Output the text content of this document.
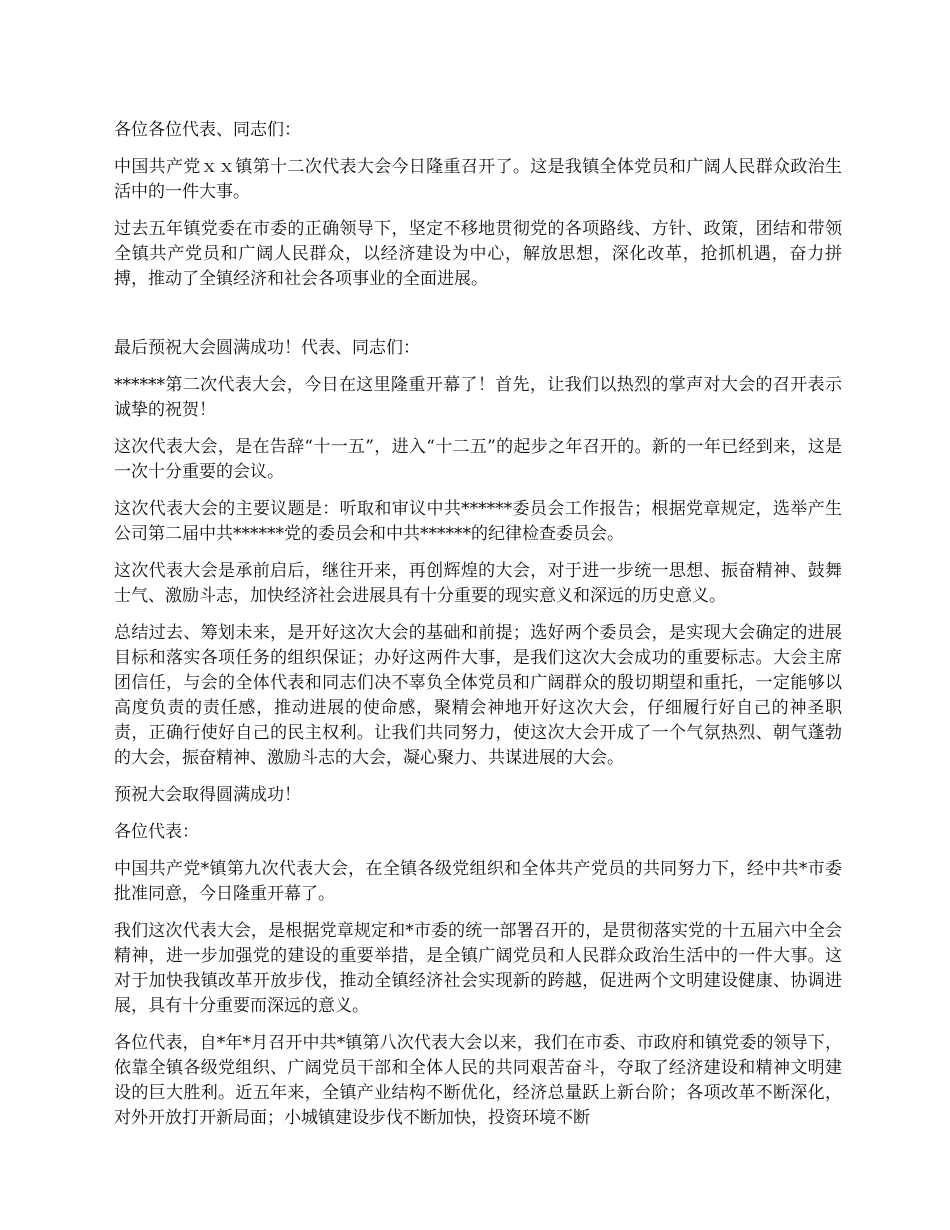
各位各位代表、同志们：

中国共产党ｘｘ镇第十二次代表大会今日隆重召开了。这是我镇全体党员和广阔人民群众政治生活中的一件大事。

过去五年镇党委在市委的正确领导下，坚定不移地贯彻党的各项路线、方针、政策，团结和带领全镇共产党员和广阔人民群众，以经济建设为中心，解放思想，深化改革，抢抓机遇，奋力拼搏，推动了全镇经济和社会各项事业的全面进展。

最后预祝大会圆满成功！代表、同志们：

******第二次代表大会，今日在这里隆重开幕了！首先，让我们以热烈的掌声对大会的召开表示诚挚的祝贺！

这次代表大会，是在告辞“十一五”，进入“十二五”的起步之年召开的。新的一年已经到来，这是一次十分重要的会议。

这次代表大会的主要议题是：听取和审议中共******委员会工作报告；根据党章规定，选举产生公司第二届中共******党的委员会和中共******的纪律检查委员会。

这次代表大会是承前启后，继往开来，再创辉煌的大会，对于进一步统一思想、振奋精神、鼓舞士气、激励斗志，加快经济社会进展具有十分重要的现实意义和深远的历史意义。

总结过去、筹划未来，是开好这次大会的基础和前提；选好两个委员会，是实现大会确定的进展目标和落实各项任务的组织保证；办好这两件大事，是我们这次大会成功的重要标志。大会主席团信任，与会的全体代表和同志们决不辜负全体党员和广阔群众的殷切期望和重托，一定能够以高度负责的责任感，推动进展的使命感，聚精会神地开好这次大会，仔细履行好自己的神圣职责，正确行使好自己的民主权利。让我们共同努力，使这次大会开成了一个气氛热烈、朝气蓬勃的大会，振奋精神、激励斗志的大会，凝心聚力、共谋进展的大会。

预祝大会取得圆满成功！

各位代表：

中国共产党*镇第九次代表大会，在全镇各级党组织和全体共产党员的共同努力下，经中共*市委批准同意，今日隆重开幕了。

我们这次代表大会，是根据党章规定和*市委的统一部署召开的，是贯彻落实党的十五届六中全会精神，进一步加强党的建设的重要举措，是全镇广阔党员和人民群众政治生活中的一件大事。这对于加快我镇改革开放步伐，推动全镇经济社会实现新的跨越，促进两个文明建设健康、协调进展，具有十分重要而深远的意义。

各位代表，自*年*月召开中共*镇第八次代表大会以来，我们在市委、市政府和镇党委的领导下，依靠全镇各级党组织、广阔党员干部和全体人民的共同艰苦奋斗，夺取了经济建设和精神文明建设的巨大胜利。近五年来，全镇产业结构不断优化，经济总量跃上新台阶；各项改革不断深化，对外开放打开新局面；小城镇建设步伐不断加快，投资环境不断
